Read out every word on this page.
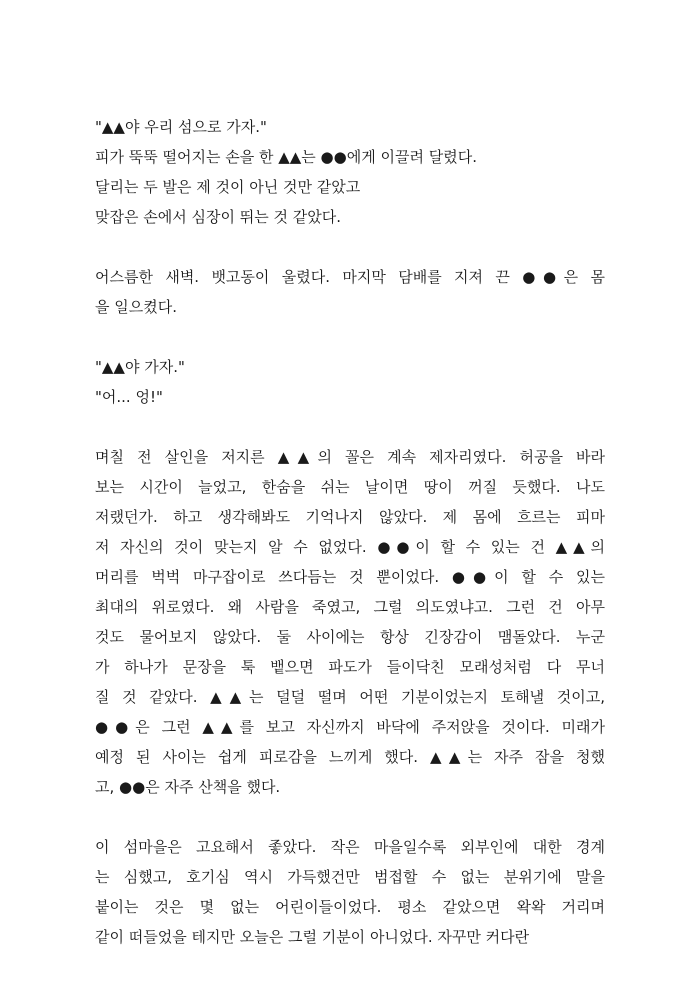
"▲▲야 우리 섬으로 가자."
피가 뚝뚝 떨어지는 손을 한 ▲▲는 ●●에게 이끌려 달렸다.
달리는 두 발은 제 것이 아닌 것만 같았고
맞잡은 손에서 심장이 뛰는 것 같았다.
어스름한 새벽. 뱃고동이 울렸다. 마지막 담배를 지져 끈 ●●은 몸
을 일으켰다.
"▲▲야 가자."
"어... 엉!"
며칠 전 살인을 저지른 ▲▲의 꼴은 계속 제자리였다. 허공을 바라
보는 시간이 늘었고, 한숨을 쉬는 날이면 땅이 꺼질 듯했다. 나도
저랬던가. 하고 생각해봐도 기억나지 않았다. 제 몸에 흐르는 피마
저 자신의 것이 맞는지 알 수 없었다. ●●이 할 수 있는 건 ▲▲의
머리를 벅벅 마구잡이로 쓰다듬는 것 뿐이었다. ●●이 할 수 있는
최대의 위로였다. 왜 사람을 죽였고, 그럴 의도였냐고. 그런 건 아무
것도 물어보지 않았다. 둘 사이에는 항상 긴장감이 맴돌았다. 누군
가 하나가 문장을 툭 뱉으면 파도가 들이닥친 모래성처럼 다 무너
질 것 같았다. ▲▲는 덜덜 떨며 어떤 기분이었는지 토해낼 것이고,
●●은 그런 ▲▲를 보고 자신까지 바닥에 주저앉을 것이다. 미래가
예정 된 사이는 쉽게 피로감을 느끼게 했다. ▲▲는 자주 잠을 청했
고, ●●은 자주 산책을 했다.
이 섬마을은 고요해서 좋았다. 작은 마을일수록 외부인에 대한 경계
는 심했고, 호기심 역시 가득했건만 범접할 수 없는 분위기에 말을
붙이는 것은 몇 없는 어린이들이었다. 평소 같았으면 왁왁 거리며
같이 떠들었을 테지만 오늘은 그럴 기분이 아니었다. 자꾸만 커다란
